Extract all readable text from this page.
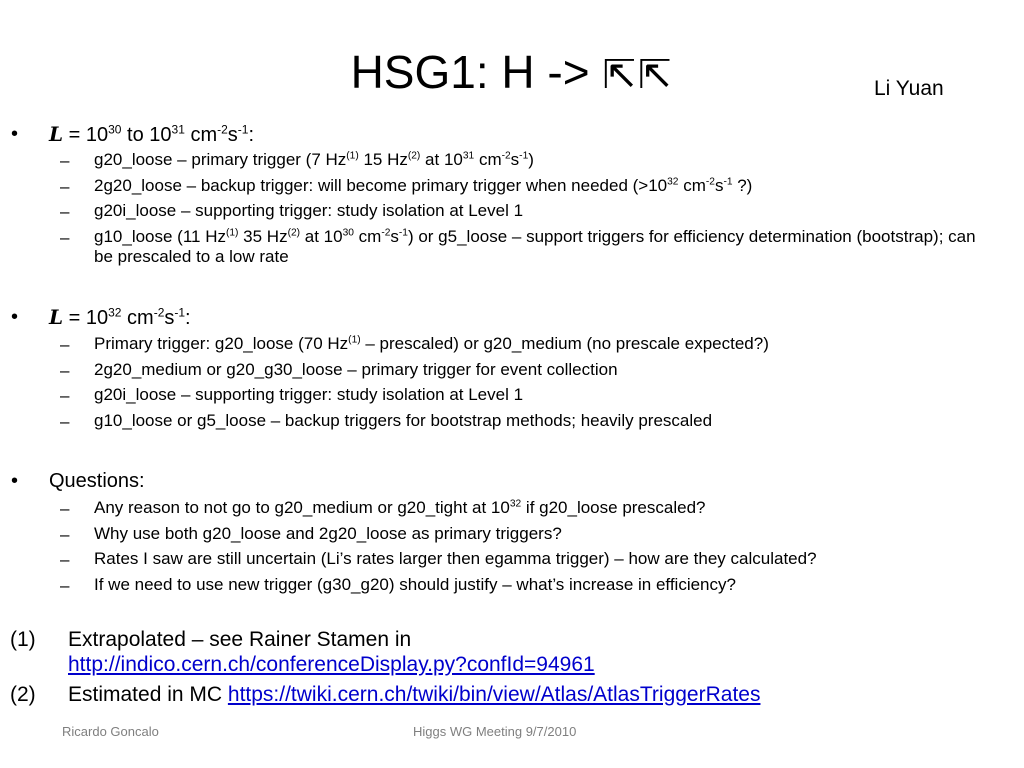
HSG1: H -> ⇱⇱	Li Yuan
• $L = 10^{30}$ to $10^{31}$ $cm^{-2}s^{-1}$:
– g20_loose – primary trigger (7 Hz$^{(1)}$ 15 Hz$^{(2)}$ at $10^{31}$ $cm^{-2}s^{-1}$)
– 2g20_loose – backup trigger: will become primary trigger when needed ($>10^{32}$ $cm^{-2}s^{-1}$ ?)
– g20i_loose – supporting trigger: study isolation at Level 1
– g10_loose (11 Hz$^{(1)}$ 35 Hz$^{(2)}$ at $10^{30}$ $cm^{-2}s^{-1}$) or g5_loose – support triggers for efficiency determination (bootstrap); can be prescaled to a low rate
• $L = 10^{32}$ $cm^{-2}s^{-1}$:
– Primary trigger: g20_loose (70 Hz$^{(1)}$ – prescaled) or g20_medium (no prescale expected?)
– 2g20_medium or g20_g30_loose – primary trigger for event collection
– g20i_loose – supporting trigger: study isolation at Level 1
– g10_loose or g5_loose – backup triggers for bootstrap methods; heavily prescaled
• Questions:
– Any reason to not go to g20_medium or g20_tight at $10^{32}$ if g20_loose prescaled?
– Why use both g20_loose and 2g20_loose as primary triggers?
– Rates I saw are still uncertain (Li’s rates larger then egamma trigger) – how are they calculated?
– If we need to use new trigger (g30_g20) should justify – what’s increase in efficiency?
(1) Extrapolated – see Rainer Stamen in
http://indico.cern.ch/conferenceDisplay.py?confId=94961
(2) Estimated in MC https://twiki.cern.ch/twiki/bin/view/Atlas/AtlasTriggerRates
Ricardo Goncalo	Higgs WG Meeting 9/7/2010
